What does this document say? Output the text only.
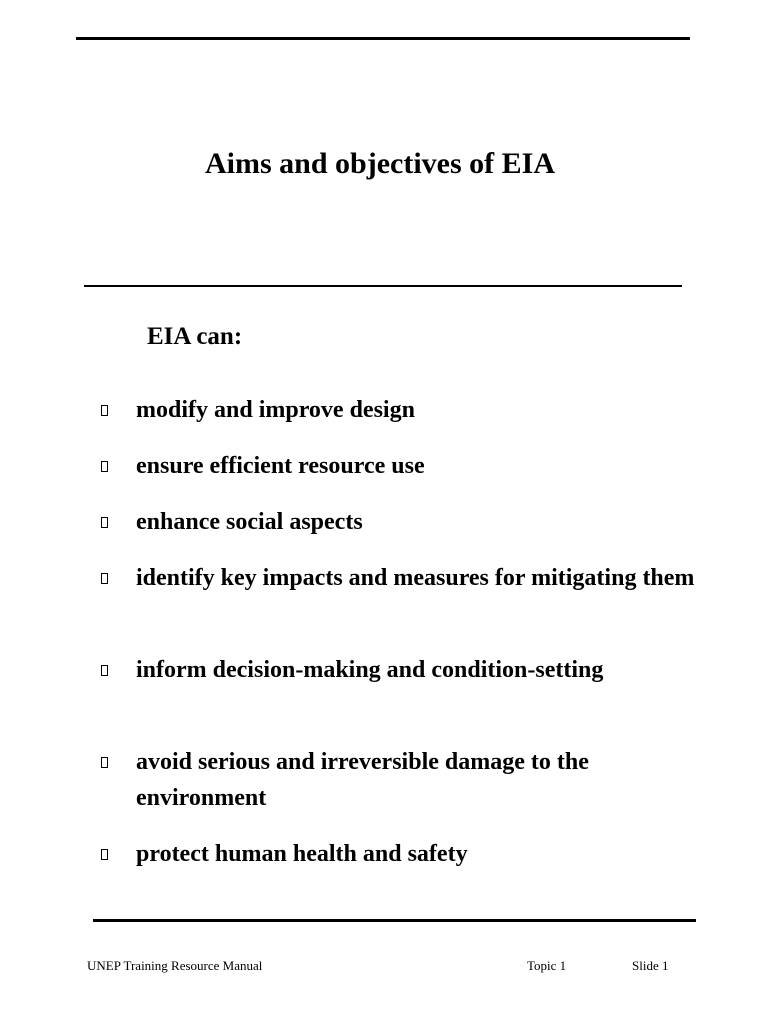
Aims and objectives of EIA
EIA can:
modify and improve design
ensure efficient resource use
enhance social aspects
identify key impacts and measures for mitigating them
inform decision-making and condition-setting
avoid serious and irreversible damage to the environment
protect human health and safety
UNEP Training Resource Manual	Topic 1	Slide 1
